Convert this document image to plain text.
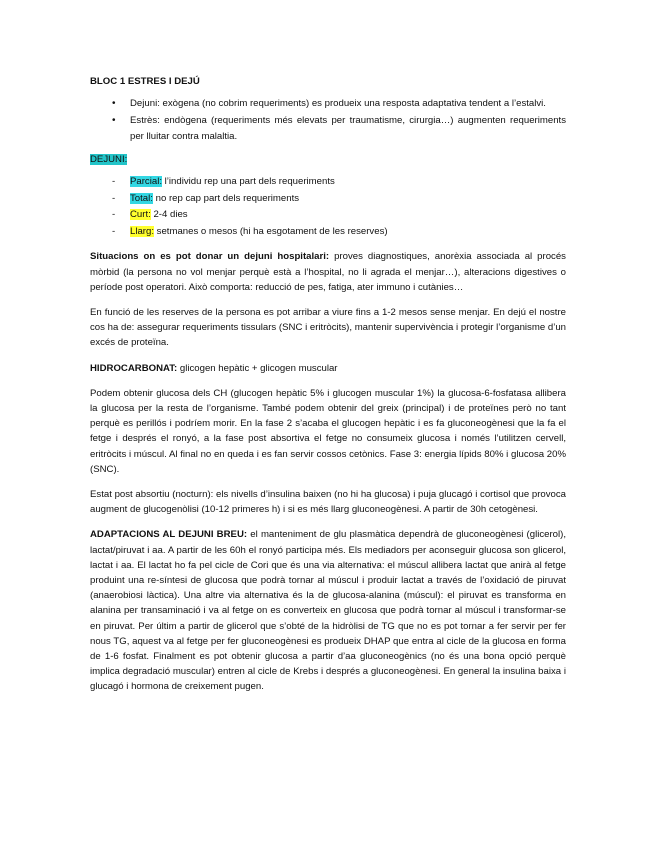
BLOC 1 ESTRES I DEJÚ
• Dejuni: exògena (no cobrim requeriments) es produeix una resposta adaptativa tendent a l’estalvi.
• Estrès: endògena (requeriments més elevats per traumatisme, cirurgia…) augmenten requeriments per lluitar contra malaltia.
DEJUNI:
- Parcial: l’individu rep una part dels requeriments
- Total: no rep cap part dels requeriments
- Curt: 2-4 dies
- Llarg: setmanes o mesos (hi ha esgotament de les reserves)

Situacions on es pot donar un dejuni hospitalari: proves diagnostiques, anorèxia associada al procés mòrbid (la persona no vol menjar perquè està a l’hospital, no li agrada el menjar…), alteracions digestives o període post operatori. Això comporta: reducció de pes, fatiga, ater immuno i cutànies…

En funció de les reserves de la persona es pot arribar a viure fins a 1-2 mesos sense menjar. En dejú el nostre cos ha de: assegurar requeriments tissulars (SNC i eritròcits), mantenir supervivència i protegir l’organisme d’un excés de proteïna.

HIDROCARBONAT: glicogen hepàtic + glicogen muscular

Podem obtenir glucosa dels CH (glucogen hepàtic 5% i glucogen muscular 1%) la glucosa-6-fosfatasa allibera la glucosa per la resta de l’organisme. També podem obtenir del greix (principal) i de proteïnes però no tant perquè es perillós i podríem morir. En la fase 2 s’acaba el glucogen hepàtic i es fa gluconeogènesi que la fa el fetge i després el ronyó, a la fase post absortiva el fetge no consumeix glucosa i només l’utilitzen cervell, eritròcits i múscul. Al final no en queda i es fan servir cossos cetònics. Fase 3: energia lípids 80% i glucosa 20% (SNC).

Estat post absortiu (nocturn): els nivells d’insulina baixen (no hi ha glucosa) i puja glucagó i cortisol que provoca augment de glucogenòlisi (10-12 primeres h) i si es més llarg gluconeogènesi. A partir de 30h cetogènesi.

ADAPTACIONS AL DEJUNI BREU: el manteniment de glu plasmàtica dependrà de gluconeogènesi (glicerol), lactat/piruvat i aa. A partir de les 60h el ronyó participa més. Els mediadors per aconseguir glucosa son glicerol, lactat i aa. El lactat ho fa pel cicle de Cori que és una via alternativa: el múscul allibera lactat que anirà al fetge produint una re-síntesi de glucosa que podrà tornar al múscul i produir lactat a través de l’oxidació de piruvat (anaerobiosi làctica). Una altre via alternativa és la de glucosa-alanina (múscul): el piruvat es transforma en alanina per transaminació i va al fetge on es converteix en glucosa que podrà tornar al múscul i transformar-se en piruvat. Per últim a partir de glicerol que s’obté de la hidròlisi de TG que no es pot tornar a fer servir per fer nous TG, aquest va al fetge per fer gluconeogènesi es produeix DHAP que entra al cicle de la glucosa en forma de 1-6 fosfat. Finalment es pot obtenir glucosa a partir d’aa gluconeogènics (no és una bona opció perquè implica degradació muscular) entren al cicle de Krebs i després a gluconeogènesi. En general la insulina baixa i glucagó i hormona de creixement pugen.
